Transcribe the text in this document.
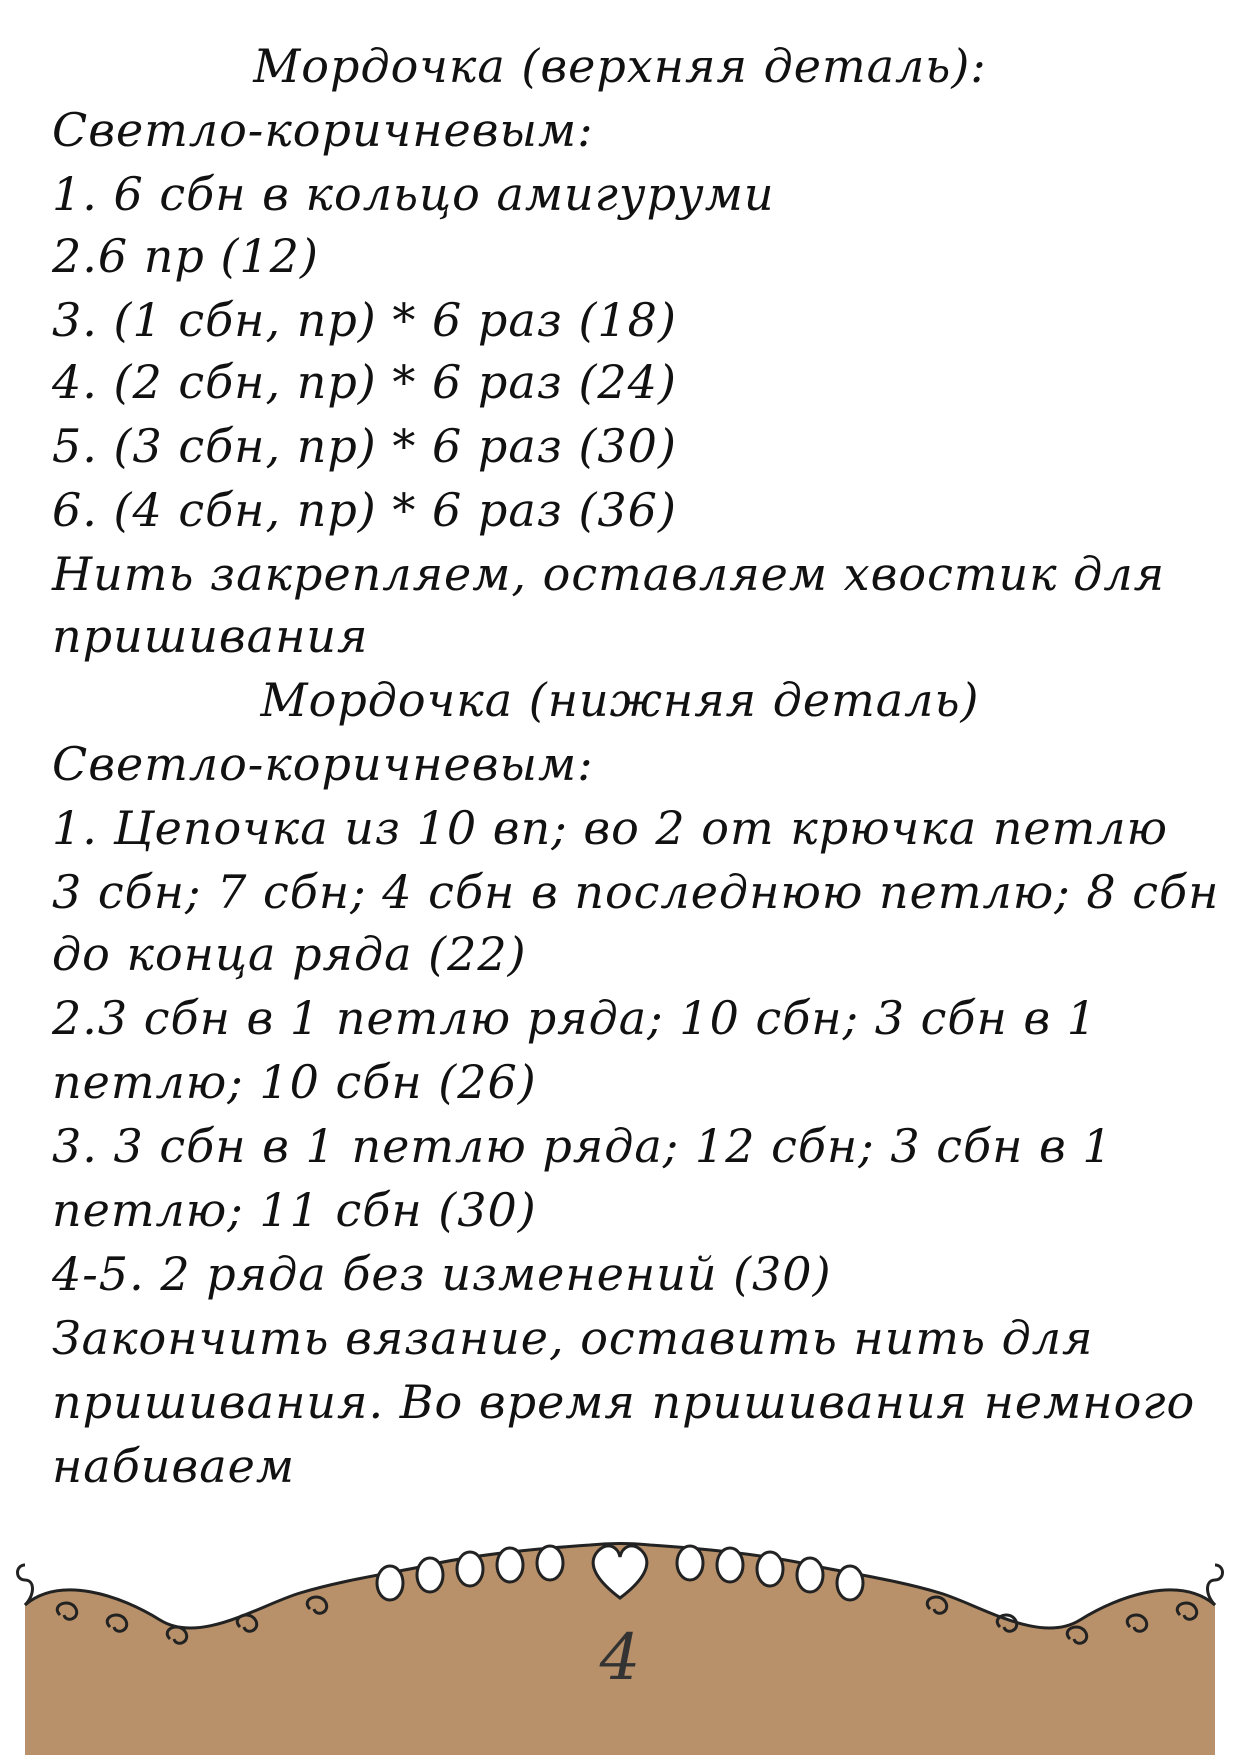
Мордочка (верхняя деталь):
Светло-коричневым:
1. 6 сбн в кольцо амигуруми
2.6 пр (12)
3. (1 сбн, пр) * 6 раз (18)
4. (2 сбн, пр) * 6 раз (24)
5. (3 сбн, пр) * 6 раз (30)
6. (4 сбн, пр) * 6 раз (36)
Нить закрепляем, оставляем хвостик для
пришивания
Мордочка (нижняя деталь)
Светло-коричневым:
1. Цепочка из 10 вп; во 2 от крючка петлю
3 сбн; 7 сбн; 4 сбн в последнюю петлю; 8 сбн
до конца ряда (22)
2.3 сбн в 1 петлю ряда; 10 сбн; 3 сбн в 1
петлю; 10 сбн (26)
3. 3 сбн в 1 петлю ряда; 12 сбн; 3 сбн в 1
петлю; 11 сбн (30)
4-5. 2 ряда без изменений (30)
Закончить вязание, оставить нить для
пришивания. Во время пришивания немного
набиваем
4
